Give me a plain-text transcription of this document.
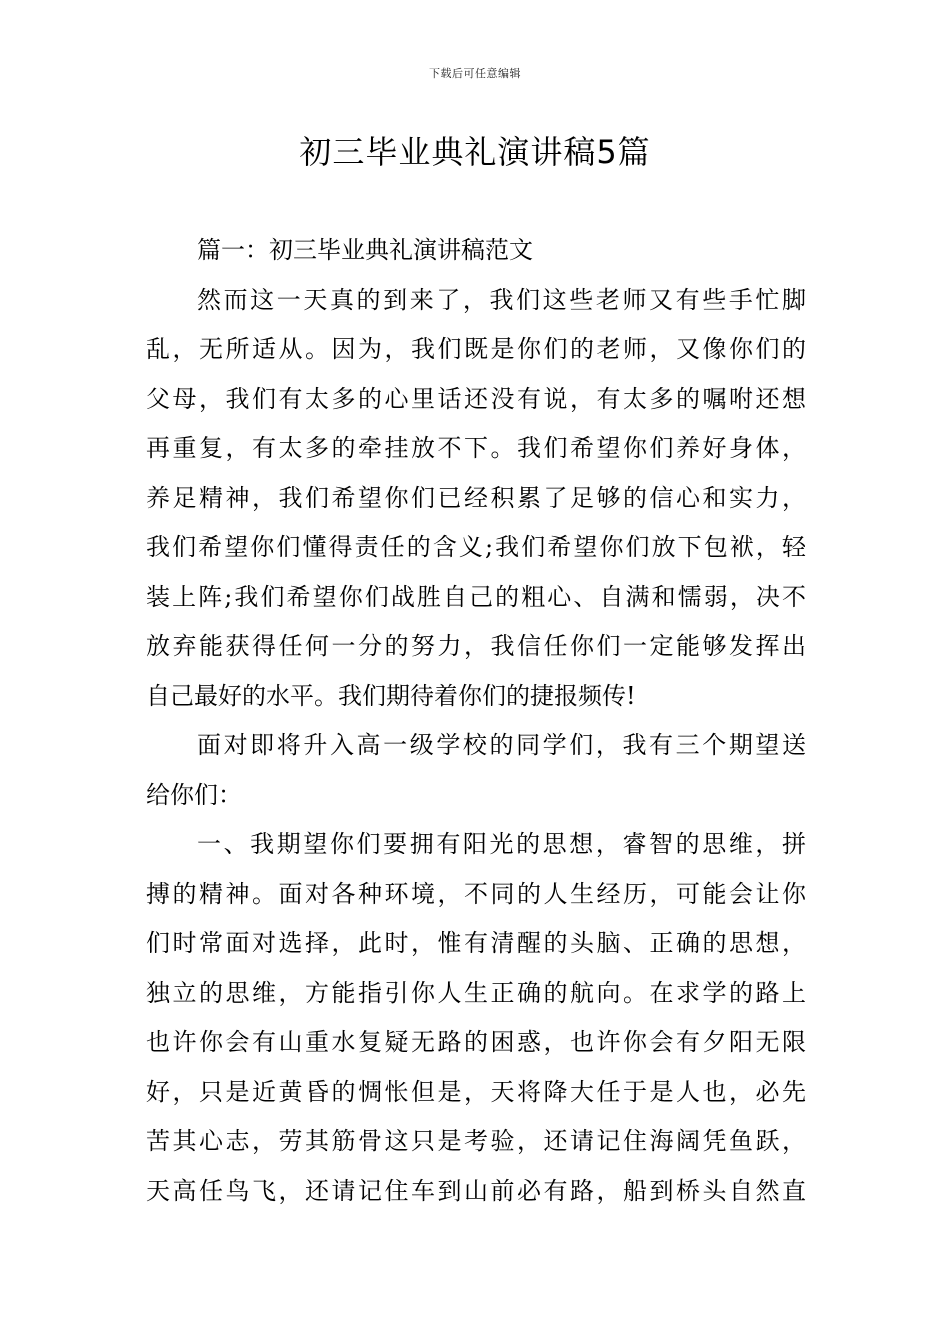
下载后可任意编辑
初三毕业典礼演讲稿5篇
篇一：初三毕业典礼演讲稿范文
然而这一天真的到来了，我们这些老师又有些手忙脚
乱，无所适从。因为，我们既是你们的老师，又像你们的
父母，我们有太多的心里话还没有说，有太多的嘱咐还想
再重复，有太多的牵挂放不下。我们希望你们养好身体，
养足精神，我们希望你们已经积累了足够的信心和实力，
我们希望你们懂得责任的含义;我们希望你们放下包袱，轻
装上阵;我们希望你们战胜自己的粗心、自满和懦弱，决不
放弃能获得任何一分的努力，我信任你们一定能够发挥出
自己最好的水平。我们期待着你们的捷报频传!
面对即将升入高一级学校的同学们，我有三个期望送
给你们：
一、我期望你们要拥有阳光的思想，睿智的思维，拼
搏的精神。面对各种环境，不同的人生经历，可能会让你
们时常面对选择，此时，惟有清醒的头脑、正确的思想，
独立的思维，方能指引你人生正确的航向。在求学的路上
也许你会有山重水复疑无路的困惑，也许你会有夕阳无限
好，只是近黄昏的惆怅但是，天将降大任于是人也，必先
苦其心志，劳其筋骨这只是考验，还请记住海阔凭鱼跃，
天高任鸟飞，还请记住车到山前必有路，船到桥头自然直
